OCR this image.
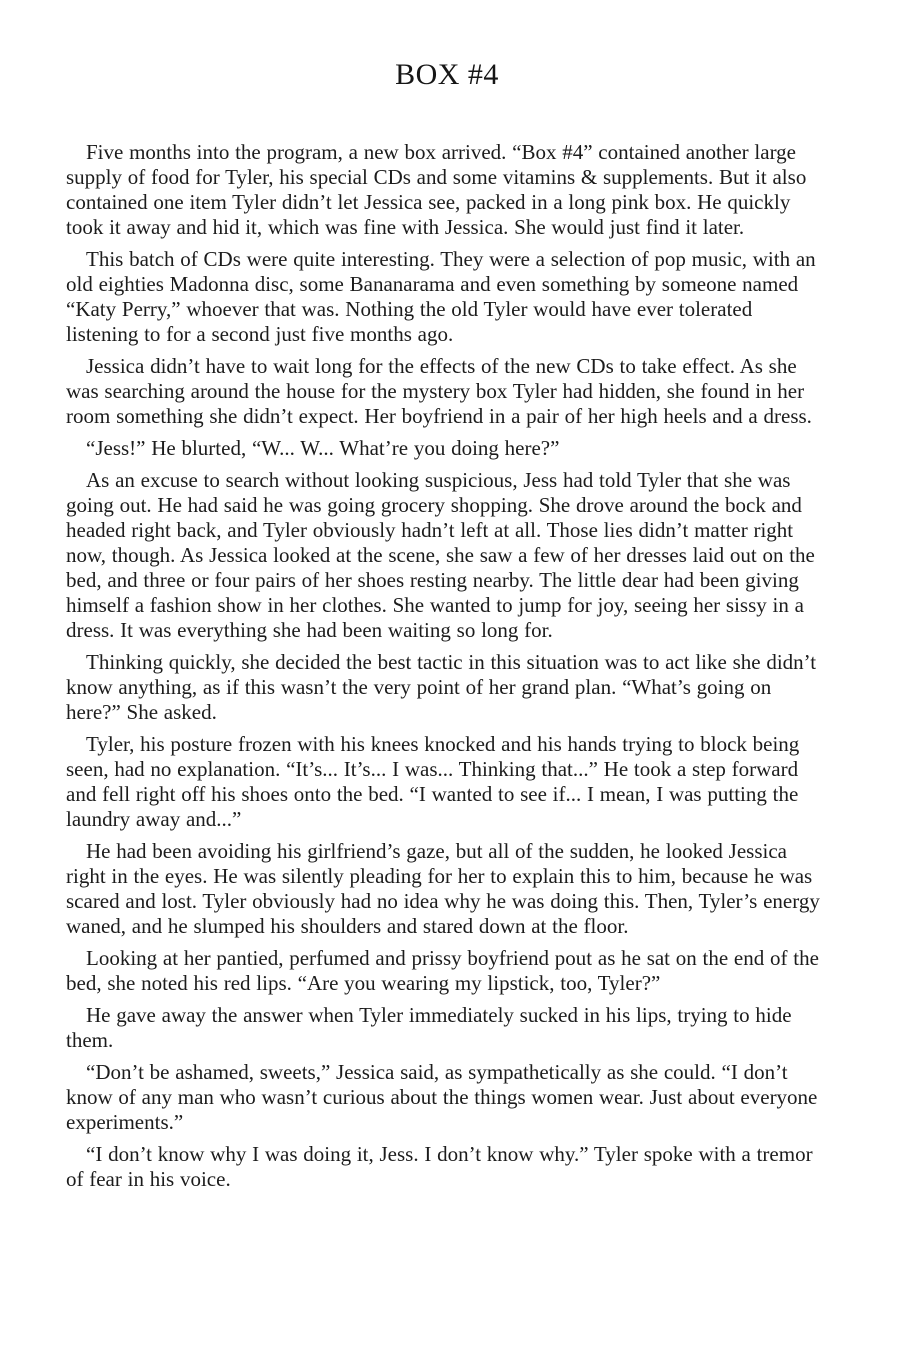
BOX #4

Five months into the program, a new box arrived. “Box #4” contained another large supply of food for Tyler, his special CDs and some vitamins & supplements. But it also contained one item Tyler didn’t let Jessica see, packed in a long pink box. He quickly took it away and hid it, which was fine with Jessica. She would just find it later.

This batch of CDs were quite interesting. They were a selection of pop music, with an old eighties Madonna disc, some Bananarama and even something by someone named “Katy Perry,” whoever that was. Nothing the old Tyler would have ever tolerated listening to for a second just five months ago.

Jessica didn’t have to wait long for the effects of the new CDs to take effect. As she was searching around the house for the mystery box Tyler had hidden, she found in her room something she didn’t expect. Her boyfriend in a pair of her high heels and a dress.

“Jess!” He blurted, “W... W... What’re you doing here?”

As an excuse to search without looking suspicious, Jess had told Tyler that she was going out. He had said he was going grocery shopping. She drove around the bock and headed right back, and Tyler obviously hadn’t left at all. Those lies didn’t matter right now, though. As Jessica looked at the scene, she saw a few of her dresses laid out on the bed, and three or four pairs of her shoes resting nearby. The little dear had been giving himself a fashion show in her clothes. She wanted to jump for joy, seeing her sissy in a dress. It was everything she had been waiting so long for.

Thinking quickly, she decided the best tactic in this situation was to act like she didn’t know anything, as if this wasn’t the very point of her grand plan. “What’s going on here?” She asked.

Tyler, his posture frozen with his knees knocked and his hands trying to block being seen, had no explanation. “It’s... It’s... I was... Thinking that...” He took a step forward and fell right off his shoes onto the bed. “I wanted to see if... I mean, I was putting the laundry away and...”

He had been avoiding his girlfriend’s gaze, but all of the sudden, he looked Jessica right in the eyes. He was silently pleading for her to explain this to him, because he was scared and lost. Tyler obviously had no idea why he was doing this. Then, Tyler’s energy waned, and he slumped his shoulders and stared down at the floor.

Looking at her pantied, perfumed and prissy boyfriend pout as he sat on the end of the bed, she noted his red lips. “Are you wearing my lipstick, too, Tyler?”

He gave away the answer when Tyler immediately sucked in his lips, trying to hide them.

“Don’t be ashamed, sweets,” Jessica said, as sympathetically as she could. “I don’t know of any man who wasn’t curious about the things women wear. Just about everyone experiments.”

“I don’t know why I was doing it, Jess. I don’t know why.” Tyler spoke with a tremor of fear in his voice.
